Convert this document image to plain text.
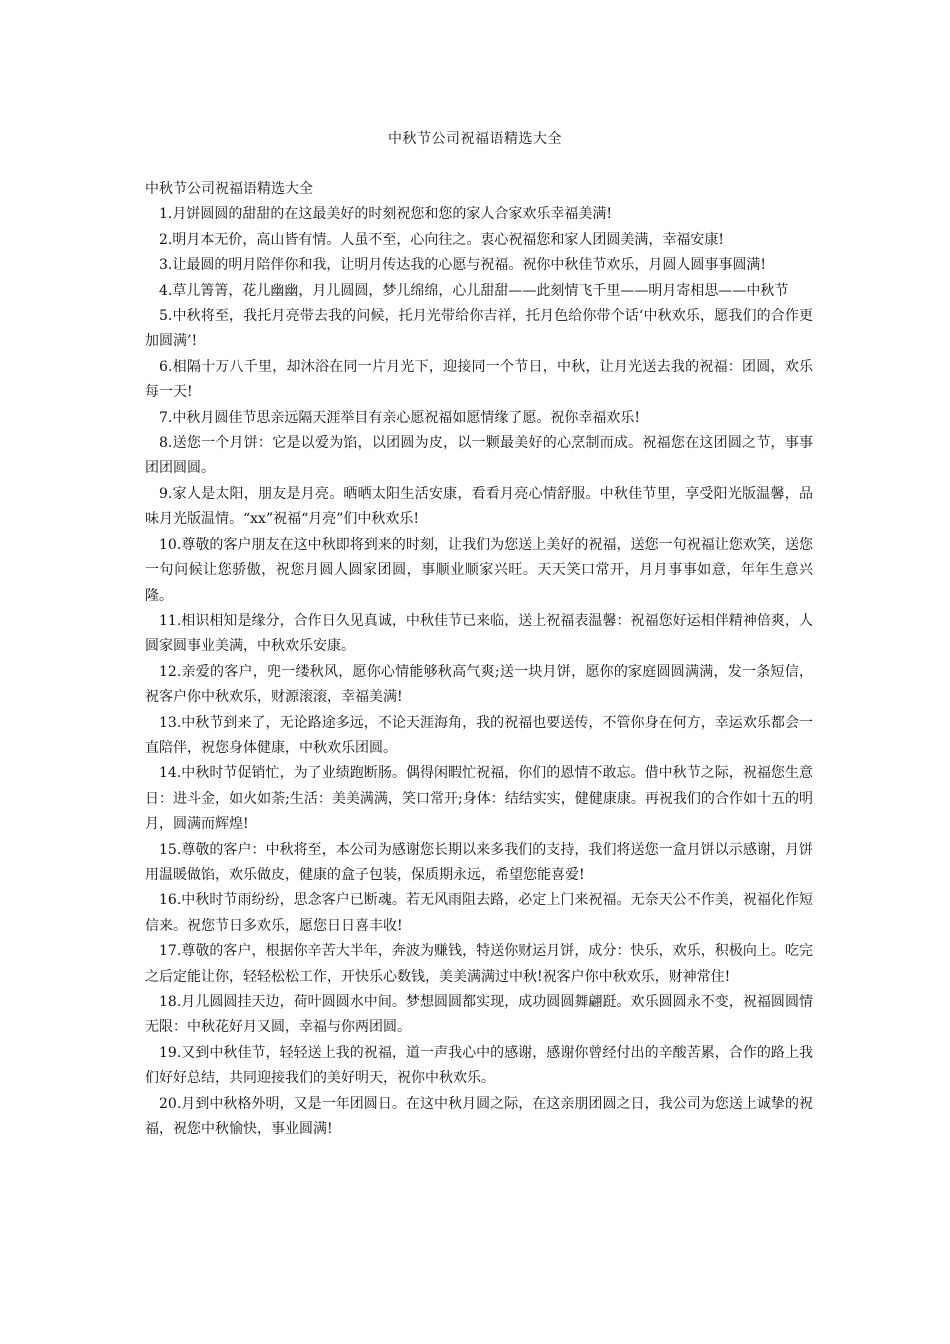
中秋节公司祝福语精选大全

中秋节公司祝福语精选大全

1.月饼圆圆的甜甜的在这最美好的时刻祝您和您的家人合家欢乐幸福美满!

2.明月本无价，高山皆有情。人虽不至，心向往之。衷心祝福您和家人团圆美满，幸福安康!

3.让最圆的明月陪伴你和我，让明月传达我的心愿与祝福。祝你中秋佳节欢乐，月圆人圆事事圆满!

4.草儿箐箐，花儿幽幽，月儿圆圆，梦儿绵绵，心儿甜甜——此刻情飞千里——明月寄相思——中秋节

5.中秋将至，我托月亮带去我的问候，托月光带给你吉祥，托月色给你带个话‘中秋欢乐，愿我们的合作更加圆满’!

6.相隔十万八千里，却沐浴在同一片月光下，迎接同一个节日，中秋，让月光送去我的祝福：团圆，欢乐每一天!

7.中秋月圆佳节思亲远隔天涯举目有亲心愿祝福如愿情缘了愿。祝你幸福欢乐!

8.送您一个月饼：它是以爱为馅，以团圆为皮，以一颗最美好的心烹制而成。祝福您在这团圆之节，事事团团圆圆。

9.家人是太阳，朋友是月亮。晒晒太阳生活安康，看看月亮心情舒服。中秋佳节里，享受阳光版温馨，品味月光版温情。“xx”祝福“月亮”们中秋欢乐!

10.尊敬的客户朋友在这中秋即将到来的时刻，让我们为您送上美好的祝福，送您一句祝福让您欢笑，送您一句问候让您骄傲，祝您月圆人圆家团圆，事顺业顺家兴旺。天天笑口常开，月月事事如意，年年生意兴隆。

11.相识相知是缘分，合作日久见真诚，中秋佳节已来临，送上祝福表温馨：祝福您好运相伴精神倍爽，人圆家圆事业美满，中秋欢乐安康。

12.亲爱的客户，兜一缕秋风，愿你心情能够秋高气爽;送一块月饼，愿你的家庭圆圆满满，发一条短信，祝客户你中秋欢乐，财源滚滚，幸福美满!

13.中秋节到来了，无论路途多远，不论天涯海角，我的祝福也要送传，不管你身在何方，幸运欢乐都会一直陪伴，祝您身体健康，中秋欢乐团圆。

14.中秋时节促销忙，为了业绩跑断肠。偶得闲暇忙祝福，你们的恩情不敢忘。借中秋节之际，祝福您生意日：进斗金，如火如荼;生活：美美满满，笑口常开;身体：结结实实，健健康康。再祝我们的合作如十五的明月，圆满而辉煌!

15.尊敬的客户：中秋将至，本公司为感谢您长期以来多我们的支持，我们将送您一盒月饼以示感谢，月饼用温暖做馅，欢乐做皮，健康的盒子包装，保质期永远，希望您能喜爱!

16.中秋时节雨纷纷，思念客户已断魂。若无风雨阻去路，必定上门来祝福。无奈天公不作美，祝福化作短信来。祝您节日多欢乐，愿您日日喜丰收!

17.尊敬的客户，根据你辛苦大半年，奔波为赚钱，特送你财运月饼，成分：快乐，欢乐，积极向上。吃完之后定能让你，轻轻松松工作，开快乐心数钱，美美满满过中秋!祝客户你中秋欢乐，财神常住!

18.月儿圆圆挂天边，荷叶圆圆水中间。梦想圆圆都实现，成功圆圆舞翩跹。欢乐圆圆永不变，祝福圆圆情无限：中秋花好月又圆，幸福与你两团圆。

19.又到中秋佳节，轻轻送上我的祝福，道一声我心中的感谢，感谢你曾经付出的辛酸苦累，合作的路上我们好好总结，共同迎接我们的美好明天，祝你中秋欢乐。

20.月到中秋格外明，又是一年团圆日。在这中秋月圆之际，在这亲朋团圆之日，我公司为您送上诚挚的祝福，祝您中秋愉快，事业圆满!
